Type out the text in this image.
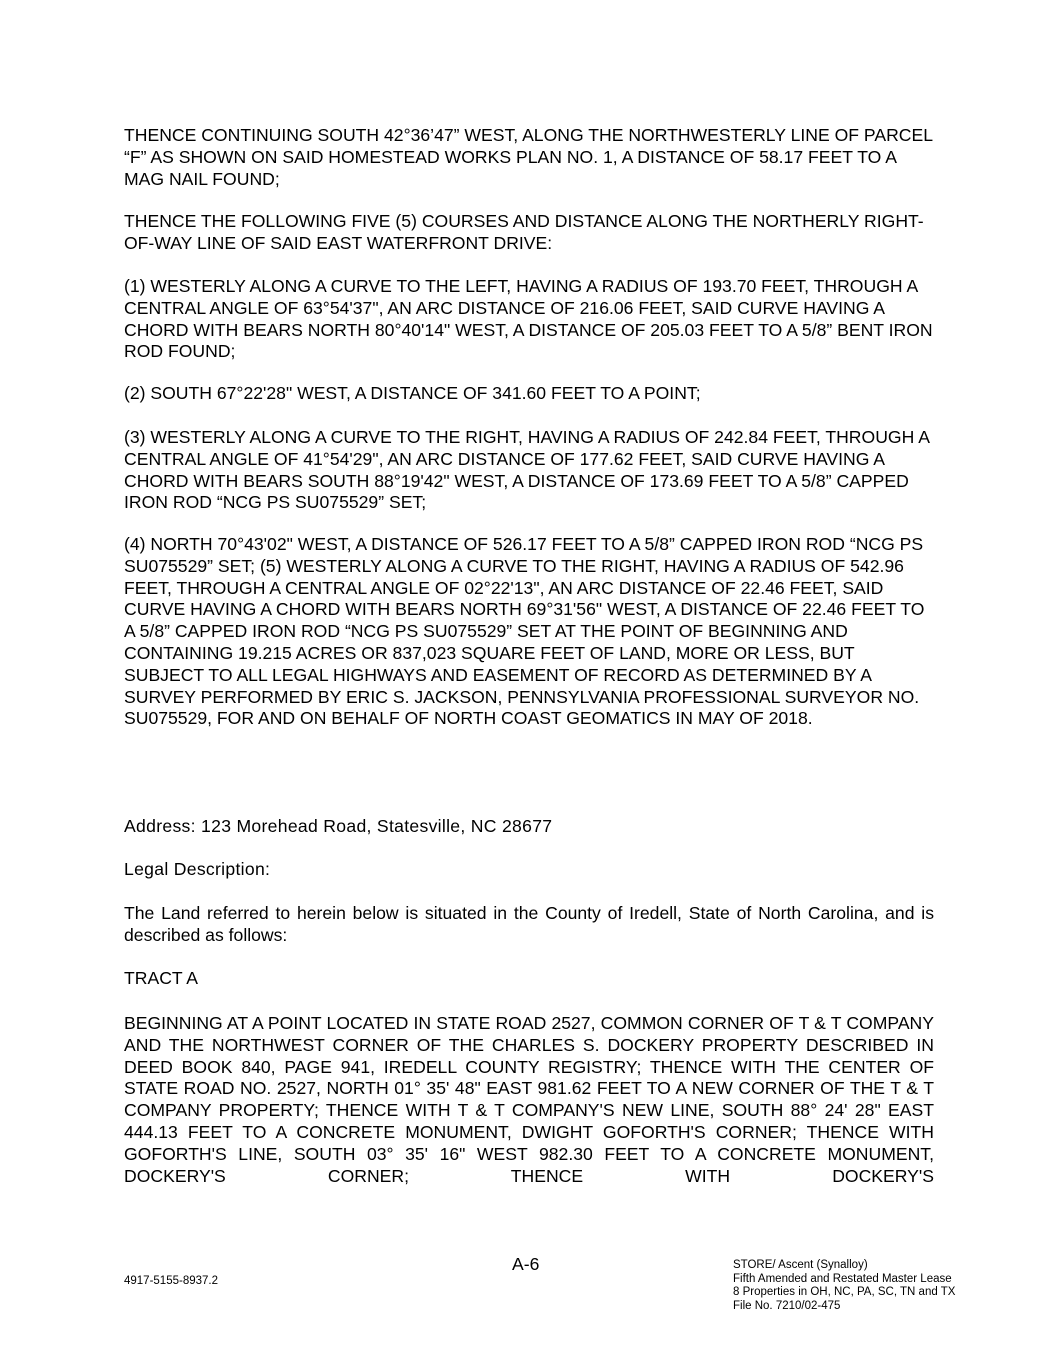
THENCE CONTINUING SOUTH 42°36’47” WEST, ALONG THE NORTHWESTERLY LINE OF PARCEL “F” AS SHOWN ON SAID HOMESTEAD WORKS PLAN NO. 1, A DISTANCE OF 58.17 FEET TO A MAG NAIL FOUND;

THENCE THE FOLLOWING FIVE (5) COURSES AND DISTANCE ALONG THE NORTHERLY RIGHT-OF-WAY LINE OF SAID EAST WATERFRONT DRIVE:

(1) WESTERLY ALONG A CURVE TO THE LEFT, HAVING A RADIUS OF 193.70 FEET, THROUGH A CENTRAL ANGLE OF 63°54'37", AN ARC DISTANCE OF 216.06 FEET, SAID CURVE HAVING A CHORD WITH BEARS NORTH 80°40'14" WEST, A DISTANCE OF 205.03 FEET TO A 5/8” BENT IRON ROD FOUND;

(2) SOUTH 67°22'28" WEST, A DISTANCE OF 341.60 FEET TO A POINT;

(3) WESTERLY ALONG A CURVE TO THE RIGHT, HAVING A RADIUS OF 242.84 FEET, THROUGH A CENTRAL ANGLE OF 41°54'29", AN ARC DISTANCE OF 177.62 FEET, SAID CURVE HAVING A CHORD WITH BEARS SOUTH 88°19'42" WEST, A DISTANCE OF 173.69 FEET TO A 5/8” CAPPED IRON ROD “NCG PS SU075529” SET;

(4) NORTH 70°43'02" WEST, A DISTANCE OF 526.17 FEET TO A 5/8” CAPPED IRON ROD “NCG PS SU075529” SET; (5) WESTERLY ALONG A CURVE TO THE RIGHT, HAVING A RADIUS OF 542.96 FEET, THROUGH A CENTRAL ANGLE OF 02°22'13", AN ARC DISTANCE OF 22.46 FEET, SAID CURVE HAVING A CHORD WITH BEARS NORTH 69°31'56" WEST, A DISTANCE OF 22.46 FEET TO A 5/8” CAPPED IRON ROD “NCG PS SU075529” SET AT THE POINT OF BEGINNING AND CONTAINING 19.215 ACRES OR 837,023 SQUARE FEET OF LAND, MORE OR LESS, BUT SUBJECT TO ALL LEGAL HIGHWAYS AND EASEMENT OF RECORD AS DETERMINED BY A SURVEY PERFORMED BY ERIC S. JACKSON, PENNSYLVANIA PROFESSIONAL SURVEYOR NO. SU075529, FOR AND ON BEHALF OF NORTH COAST GEOMATICS IN MAY OF 2018.

Address: 123 Morehead Road, Statesville, NC 28677

Legal Description:

The Land referred to herein below is situated in the County of Iredell, State of North Carolina, and is described as follows:

TRACT A

BEGINNING AT A POINT LOCATED IN STATE ROAD 2527, COMMON CORNER OF T & T COMPANY AND THE NORTHWEST CORNER OF THE CHARLES S. DOCKERY PROPERTY DESCRIBED IN DEED BOOK 840, PAGE 941, IREDELL COUNTY REGISTRY; THENCE WITH THE CENTER OF STATE ROAD NO. 2527, NORTH 01° 35' 48" EAST 981.62 FEET TO A NEW CORNER OF THE T & T COMPANY PROPERTY; THENCE WITH T & T COMPANY'S NEW LINE, SOUTH 88° 24' 28" EAST 444.13 FEET TO A CONCRETE MONUMENT, DWIGHT GOFORTH'S CORNER; THENCE WITH GOFORTH'S LINE, SOUTH 03° 35' 16" WEST 982.30 FEET TO A CONCRETE MONUMENT, DOCKERY'S CORNER; THENCE WITH DOCKERY'S

A-6

4917-5155-8937.2

STORE/ Ascent (Synalloy)
Fifth Amended and Restated Master Lease
8 Properties in OH, NC, PA, SC, TN and TX
File No. 7210/02-475
